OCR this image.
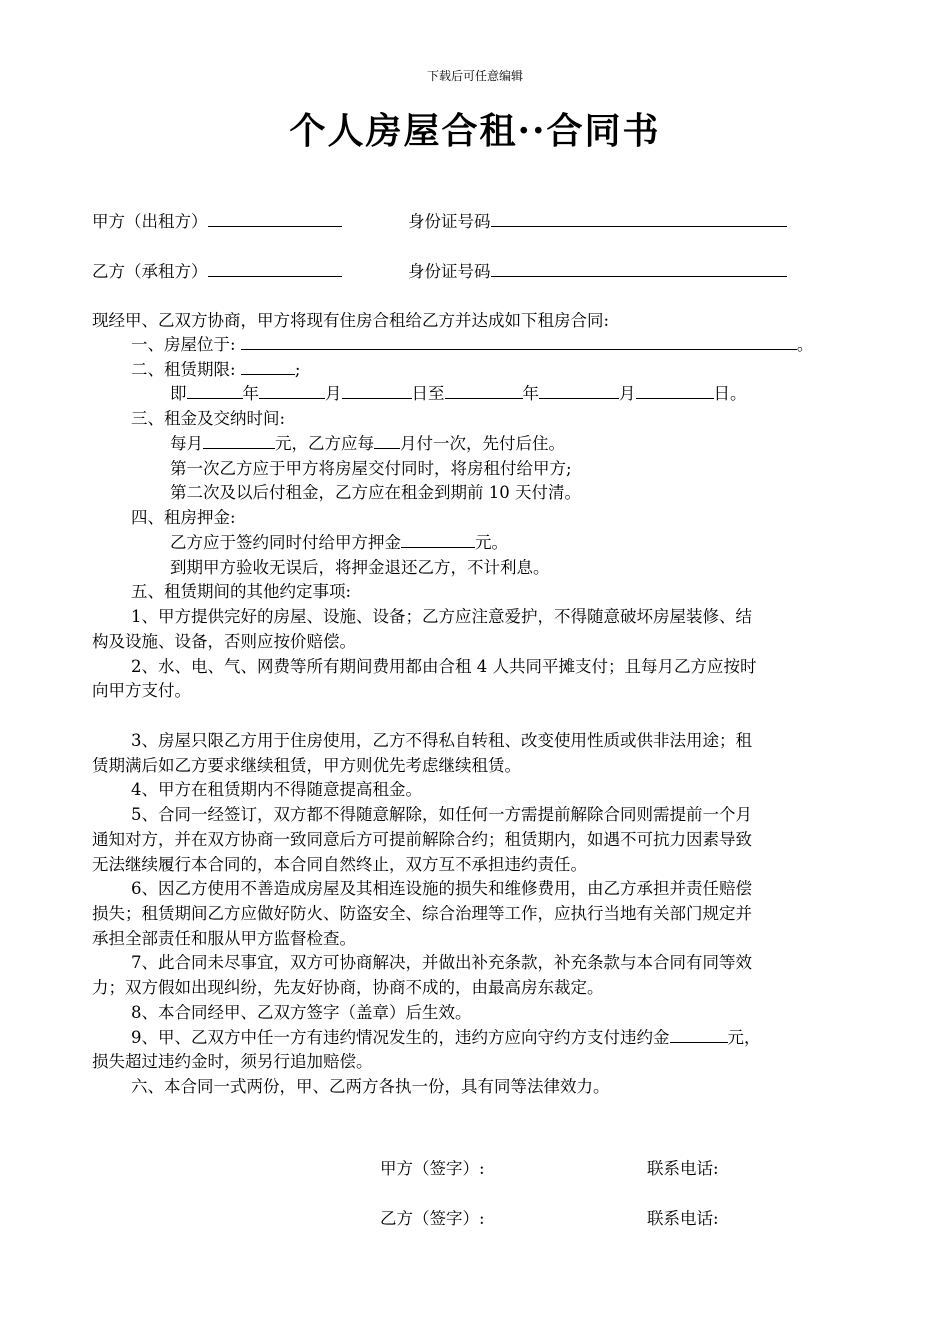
下载后可任意编辑
个人房屋合租··合同书
甲方（出租方）	身份证号码
乙方（承租方）	身份证号码
现经甲、乙双方协商，甲方将现有住房合租给乙方并达成如下租房合同:
一、房屋位于:	。
二、租赁期限:	;
即	年	月	日至	年	月	日。
三、租金及交纳时间:
每月	元，乙方应每 月付一次，先付后住。
第一次乙方应于甲方将房屋交付同时，将房租付给甲方;
第二次及以后付租金，乙方应在租金到期前 10 天付清。
四、租房押金:
乙方应于签约同时付给甲方押金	元。
到期甲方验收无误后，将押金退还乙方，不计利息。
五、租赁期间的其他约定事项:
1、甲方提供完好的房屋、设施、设备；乙方应注意爱护，不得随意破坏房屋装修、结
构及设施、设备，否则应按价赔偿。
2、水、电、气、网费等所有期间费用都由合租 4 人共同平摊支付；且每月乙方应按时
向甲方支付。
3、房屋只限乙方用于住房使用，乙方不得私自转租、改变使用性质或供非法用途；租
赁期满后如乙方要求继续租赁，甲方则优先考虑继续租赁。
4、甲方在租赁期内不得随意提高租金。
5、合同一经签订，双方都不得随意解除，如任何一方需提前解除合同则需提前一个月
通知对方，并在双方协商一致同意后方可提前解除合约；租赁期内，如遇不可抗力因素导致
无法继续履行本合同的，本合同自然终止，双方互不承担违约责任。
6、因乙方使用不善造成房屋及其相连设施的损失和维修费用，由乙方承担并责任赔偿
损失；租赁期间乙方应做好防火、防盗安全、综合治理等工作，应执行当地有关部门规定并
承担全部责任和服从甲方监督检查。
7、此合同未尽事宜，双方可协商解决，并做出补充条款，补充条款与本合同有同等效
力；双方假如出现纠纷，先友好协商，协商不成的，由最高房东裁定。
8、本合同经甲、乙双方签字（盖章）后生效。
9、甲、乙双方中任一方有违约情况发生的，违约方应向守约方支付违约金	元，
损失超过违约金时，须另行追加赔偿。
六、本合同一式两份，甲、乙两方各执一份，具有同等法律效力。
甲方（签字）:	联系电话:
乙方（签字）:	联系电话:
